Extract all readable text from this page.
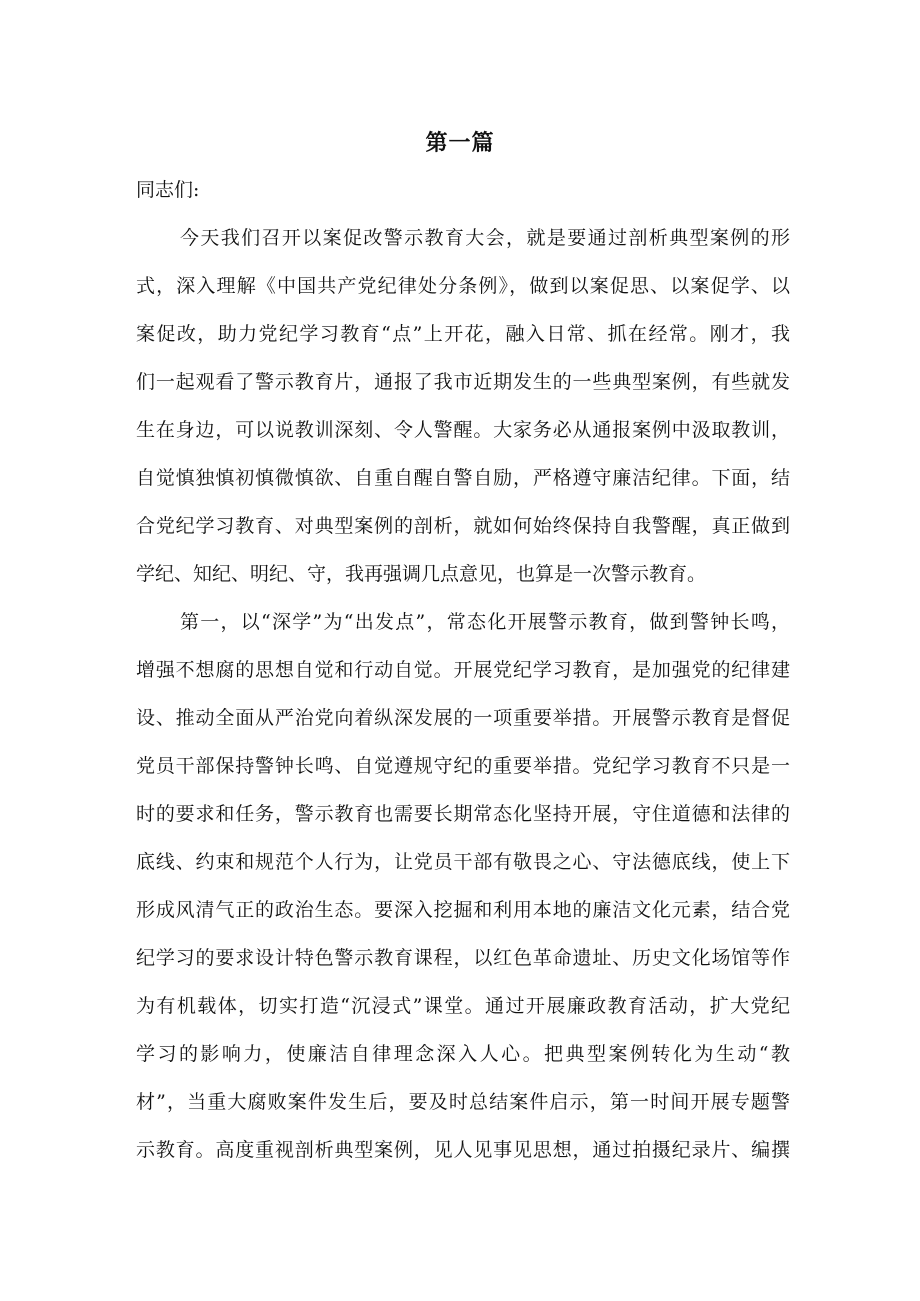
第一篇
同志们:
今天我们召开以案促改警示教育大会，就是要通过剖析典型案例的形
式，深入理解《中国共产党纪律处分条例》，做到以案促思、以案促学、以
案促改，助力党纪学习教育“点”上开花，融入日常、抓在经常。刚才，我
们一起观看了警示教育片，通报了我市近期发生的一些典型案例，有些就发
生在身边，可以说教训深刻、令人警醒。大家务必从通报案例中汲取教训，
自觉慎独慎初慎微慎欲、自重自醒自警自励，严格遵守廉洁纪律。下面，结
合党纪学习教育、对典型案例的剖析，就如何始终保持自我警醒，真正做到
学纪、知纪、明纪、守，我再强调几点意见，也算是一次警示教育。
第一，以“深学”为“出发点”，常态化开展警示教育，做到警钟长鸣，
增强不想腐的思想自觉和行动自觉。开展党纪学习教育，是加强党的纪律建
设、推动全面从严治党向着纵深发展的一项重要举措。开展警示教育是督促
党员干部保持警钟长鸣、自觉遵规守纪的重要举措。党纪学习教育不只是一
时的要求和任务，警示教育也需要长期常态化坚持开展，守住道德和法律的
底线、约束和规范个人行为，让党员干部有敬畏之心、守法德底线，使上下
形成风清气正的政治生态。要深入挖掘和利用本地的廉洁文化元素，结合党
纪学习的要求设计特色警示教育课程，以红色革命遗址、历史文化场馆等作
为有机载体，切实打造“沉浸式”课堂。通过开展廉政教育活动，扩大党纪
学习的影响力，使廉洁自律理念深入人心。把典型案例转化为生动“教
材”，当重大腐败案件发生后，要及时总结案件启示，第一时间开展专题警
示教育。高度重视剖析典型案例，见人见事见思想，通过拍摄纪录片、编撰
